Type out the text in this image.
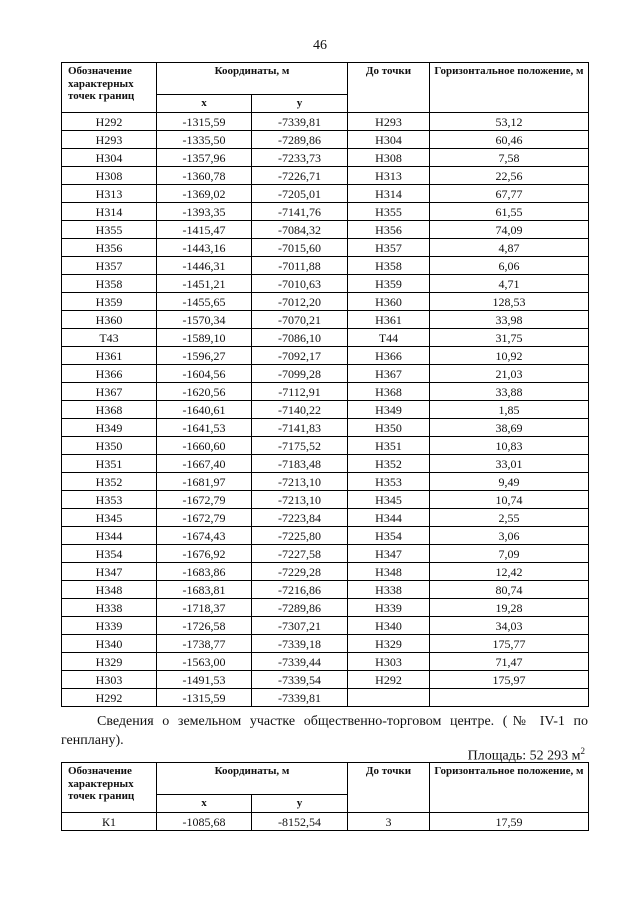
46
Обозначение характерных точек границ	Координаты, м		До точки	Горизонтальное положение, м
	x	y		
Н292	-1315,59	-7339,81	Н293	53,12
Н293	-1335,50	-7289,86	Н304	60,46
Н304	-1357,96	-7233,73	Н308	7,58
Н308	-1360,78	-7226,71	Н313	22,56
Н313	-1369,02	-7205,01	Н314	67,77
Н314	-1393,35	-7141,76	Н355	61,55
Н355	-1415,47	-7084,32	Н356	74,09
Н356	-1443,16	-7015,60	Н357	4,87
Н357	-1446,31	-7011,88	Н358	6,06
Н358	-1451,21	-7010,63	Н359	4,71
Н359	-1455,65	-7012,20	Н360	128,53
Н360	-1570,34	-7070,21	Н361	33,98
Т43	-1589,10	-7086,10	Т44	31,75
Н361	-1596,27	-7092,17	Н366	10,92
Н366	-1604,56	-7099,28	Н367	21,03
Н367	-1620,56	-7112,91	Н368	33,88
Н368	-1640,61	-7140,22	Н349	1,85
Н349	-1641,53	-7141,83	Н350	38,69
Н350	-1660,60	-7175,52	Н351	10,83
Н351	-1667,40	-7183,48	Н352	33,01
Н352	-1681,97	-7213,10	Н353	9,49
Н353	-1672,79	-7213,10	Н345	10,74
Н345	-1672,79	-7223,84	Н344	2,55
Н344	-1674,43	-7225,80	Н354	3,06
Н354	-1676,92	-7227,58	Н347	7,09
Н347	-1683,86	-7229,28	Н348	12,42
Н348	-1683,81	-7216,86	Н338	80,74
Н338	-1718,37	-7289,86	Н339	19,28
Н339	-1726,58	-7307,21	Н340	34,03
Н340	-1738,77	-7339,18	Н329	175,77
Н329	-1563,00	-7339,44	Н303	71,47
Н303	-1491,53	-7339,54	Н292	175,97
Н292	-1315,59	-7339,81		
Сведения о земельном участке общественно-торговом центре. (№ IV-1 по генплану).
Площадь: 52 293 $м^2$
Обозначение характерных точек границ	Координаты, м		До точки	Горизонтальное положение, м
	x	y		
К1	-1085,68	-8152,54	3	17,59
